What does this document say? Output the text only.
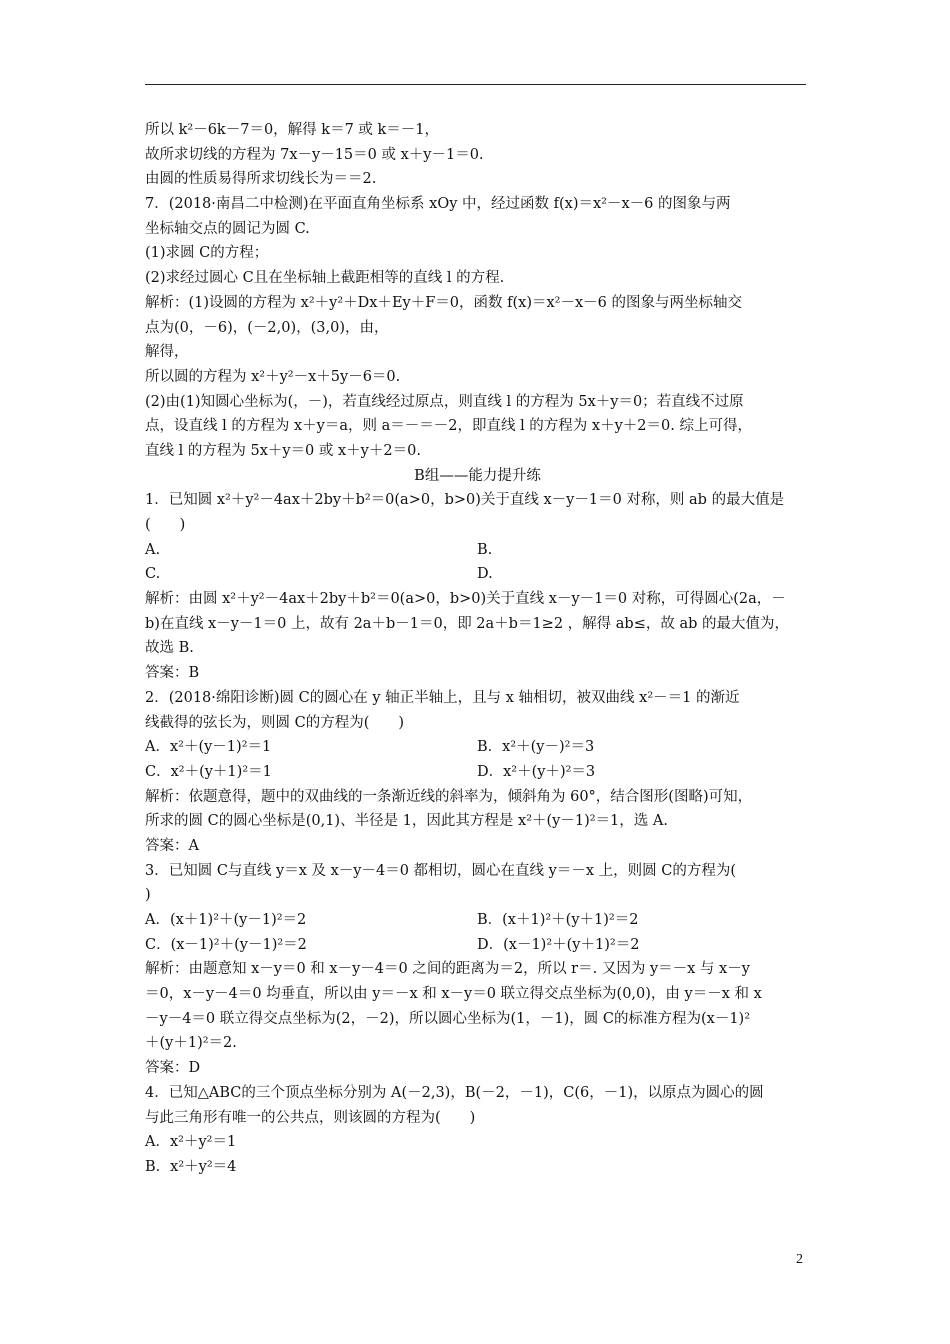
所以 k²－6k－7＝0，解得 k＝7 或 k＝－1，
故所求切线的方程为 7x－y－15＝0 或 x＋y－1＝0.
由圆的性质易得所求切线长为＝＝2.
7．(2018·南昌二中检测)在平面直角坐标系 xOy 中，经过函数 f(x)＝x²－x－6 的图象与两
坐标轴交点的圆记为圆 C.
(1)求圆 C的方程；
(2)求经过圆心 C且在坐标轴上截距相等的直线 l 的方程.
解析：(1)设圆的方程为 x²＋y²＋Dx＋Ey＋F＝0，函数 f(x)＝x²－x－6 的图象与两坐标轴交
点为(0，－6)，(－2,0)，(3,0)，由，
解得，
所以圆的方程为 x²＋y²－x＋5y－6＝0.
(2)由(1)知圆心坐标为(，－)，若直线经过原点，则直线 l 的方程为 5x＋y＝0；若直线不过原
点，设直线 l 的方程为 x＋y＝a，则 a＝－＝－2，即直线 l 的方程为 x＋y＋2＝0. 综上可得，
直线 l 的方程为 5x＋y＝0 或 x＋y＋2＝0.
B组——能力提升练
1．已知圆 x²＋y²－4ax＋2by＋b²＝0(a>0，b>0)关于直线 x－y－1＝0 对称，则 ab 的最大值是
(　　)
A.	B.
C.	D.
解析：由圆 x²＋y²－4ax＋2by＋b²＝0(a>0，b>0)关于直线 x－y－1＝0 对称，可得圆心(2a，－
b)在直线 x－y－1＝0 上，故有 2a＋b－1＝0，即 2a＋b＝1≥2 ，解得 ab≤，故 ab 的最大值为，
故选 B.
答案：B
2．(2018·绵阳诊断)圆 C的圆心在 y 轴正半轴上，且与 x 轴相切，被双曲线 x²－＝1 的渐近
线截得的弦长为，则圆 C的方程为(　　)
A．x²＋(y－1)²＝1	B．x²＋(y－)²＝3
C．x²＋(y＋1)²＝1	D．x²＋(y＋)²＝3
解析：依题意得，题中的双曲线的一条渐近线的斜率为，倾斜角为 60°，结合图形(图略)可知，
所求的圆 C的圆心坐标是(0,1)、半径是 1，因此其方程是 x²＋(y－1)²＝1，选 A.
答案：A
3．已知圆 C与直线 y＝x 及 x－y－4＝0 都相切，圆心在直线 y＝－x 上，则圆 C的方程为(
)
A．(x＋1)²＋(y－1)²＝2	B．(x＋1)²＋(y＋1)²＝2
C．(x－1)²＋(y－1)²＝2	D．(x－1)²＋(y＋1)²＝2
解析：由题意知 x－y＝0 和 x－y－4＝0 之间的距离为＝2，所以 r＝. 又因为 y＝－x 与 x－y
＝0，x－y－4＝0 均垂直，所以由 y＝－x 和 x－y＝0 联立得交点坐标为(0,0)，由 y＝－x 和 x
－y－4＝0 联立得交点坐标为(2，－2)，所以圆心坐标为(1，－1)，圆 C的标准方程为(x－1)²
＋(y＋1)²＝2.
答案：D
4．已知△ABC的三个顶点坐标分别为 A(－2,3)，B(－2，－1)，C(6，－1)，以原点为圆心的圆
与此三角形有唯一的公共点，则该圆的方程为(　　)
A．x²＋y²＝1
B．x²＋y²＝4
2
